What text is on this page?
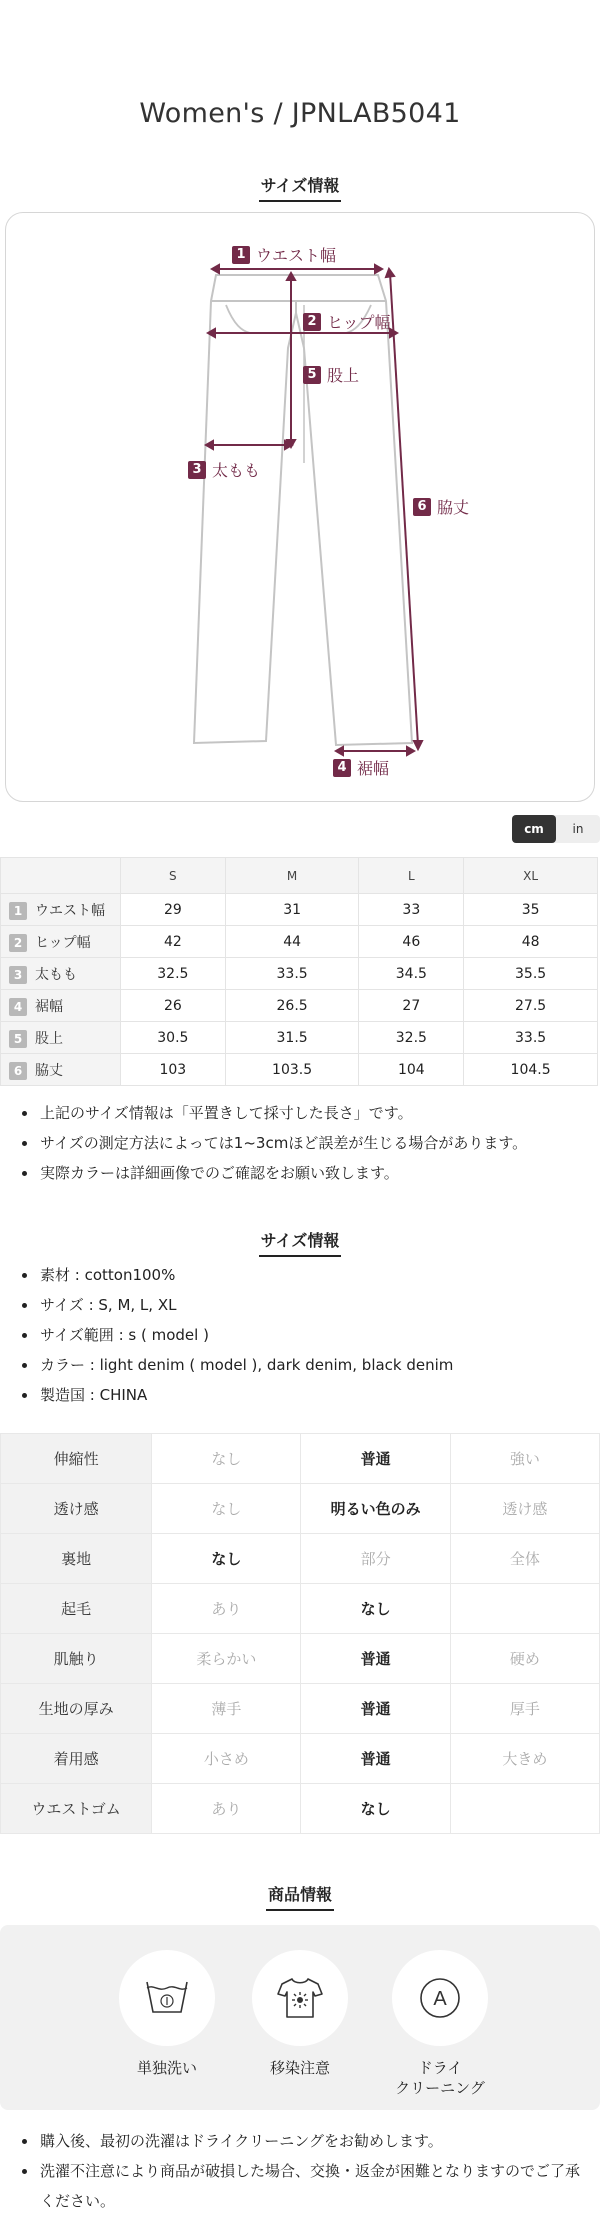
Women's / JPNLAB5041
サイズ情報
1 ウエスト幅
2 ヒップ幅
3 太もも
4 裾幅
5 股上
6 脇丈
cm	in
	S	M	L	XL
1 ウエスト幅	29	31	33	35
2 ヒップ幅	42	44	46	48
3 太もも	32.5	33.5	34.5	35.5
4 裾幅	26	26.5	27	27.5
5 股上	30.5	31.5	32.5	33.5
6 脇丈	103	103.5	104	104.5
上記のサイズ情報は「平置きして採寸した長さ」です。
サイズの測定方法によっては1~3cmほど誤差が生じる場合があります。
実際カラーは詳細画像でのご確認をお願い致します。
サイズ情報
素材 : cotton100%
サイズ : S, M, L, XL
サイズ範囲 : s ( model )
カラー : light denim ( model ), dark denim, black denim
製造国 : CHINA
伸縮性	なし	普通	強い
透け感	なし	明るい色のみ	透け感
裏地	なし	部分	全体
起毛	あり	なし	
肌触り	柔らかい	普通	硬め
生地の厚み	薄手	普通	厚手
着用感	小さめ	普通	大きめ
ウエストゴム	あり	なし	
商品情報
単独洗い	移染注意
A
ドライ
クリーニング
購入後、最初の洗濯はドライクリーニングをお勧めします。
洗濯不注意により商品が破損した場合、交換・返金が困難となりますのでご了承ください。
